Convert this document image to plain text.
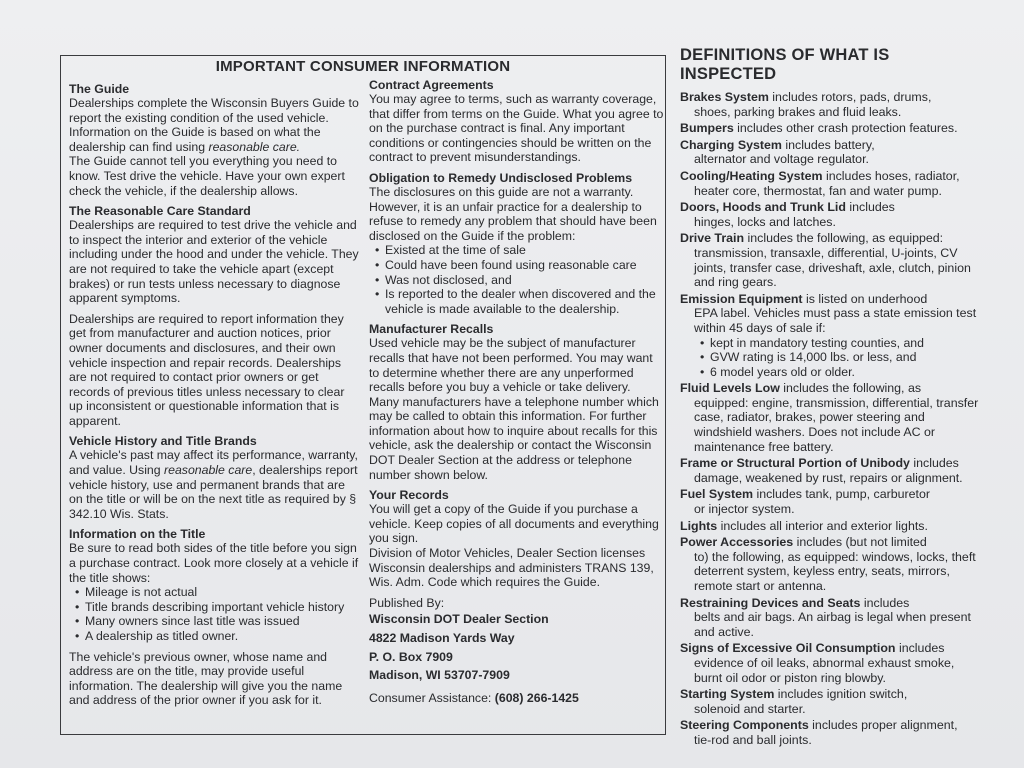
IMPORTANT CONSUMER INFORMATION
The Guide

Dealerships complete the Wisconsin Buyers Guide to report the existing condition of the used vehicle. Information on the Guide is based on what the dealership can find using reasonable care.

The Guide cannot tell you everything you need to know. Test drive the vehicle. Have your own expert check the vehicle, if the dealership allows.

The Reasonable Care Standard

Dealerships are required to test drive the vehicle and to inspect the interior and exterior of the vehicle including under the hood and under the vehicle. They are not required to take the vehicle apart (except brakes) or run tests unless necessary to diagnose apparent symptoms.

Dealerships are required to report information they get from manufacturer and auction notices, prior owner documents and disclosures, and their own vehicle inspection and repair records. Dealerships are not required to contact prior owners or get records of previous titles unless necessary to clear up inconsistent or questionable information that is apparent.

Vehicle History and Title Brands

A vehicle's past may affect its performance, warranty, and value. Using reasonable care, dealerships report vehicle history, use and permanent brands that are on the title or will be on the next title as required by § 342.10 Wis. Stats.

Information on the Title

Be sure to read both sides of the title before you sign a purchase contract. Look more closely at a vehicle if the title shows:

• Mileage is not actual
• Title brands describing important vehicle history
• Many owners since last title was issued
• A dealership as titled owner.

The vehicle's previous owner, whose name and address are on the title, may provide useful information. The dealership will give you the name and address of the prior owner if you ask for it.

Contract Agreements

You may agree to terms, such as warranty coverage, that differ from terms on the Guide. What you agree to on the purchase contract is final. Any important conditions or contingencies should be written on the contract to prevent misunderstandings.

Obligation to Remedy Undisclosed Problems

The disclosures on this guide are not a warranty. However, it is an unfair practice for a dealership to refuse to remedy any problem that should have been disclosed on the Guide if the problem:

• Existed at the time of sale
• Could have been found using reasonable care
• Was not disclosed, and
• Is reported to the dealer when discovered and the vehicle is made available to the dealership.
Manufacturer Recalls

Used vehicle may be the subject of manufacturer recalls that have not been performed. You may want to determine whether there are any unperformed recalls before you buy a vehicle or take delivery. Many manufacturers have a telephone number which may be called to obtain this information. For further information about how to inquire about recalls for this vehicle, ask the dealership or contact the Wisconsin DOT Dealer Section at the address or telephone number shown below.

Your Records

You will get a copy of the Guide if you purchase a vehicle. Keep copies of all documents and everything you sign.

Division of Motor Vehicles, Dealer Section licenses Wisconsin dealerships and administers TRANS 139, Wis. Adm. Code which requires the Guide.

Published By:

Wisconsin DOT Dealer Section

4822 Madison Yards Way

P. O. Box 7909

Madison, WI 53707-7909

Consumer Assistance: (608) 266-1425

DEFINITIONS OF WHAT IS INSPECTED
Brakes System includes rotors, pads, drums,
shoes, parking brakes and fluid leaks.
Bumpers includes other crash protection features.
Charging System includes battery,
alternator and voltage regulator.
Cooling/Heating System includes hoses, radiator,
heater core, thermostat, fan and water pump.
Doors, Hoods and Trunk Lid includes
hinges, locks and latches.
Drive Train includes the following, as equipped:
transmission, transaxle, differential, U-joints, CV joints, transfer case, driveshaft, axle, clutch, pinion and ring gears.
Emission Equipment is listed on underhood
EPA label. Vehicles must pass a state emission test within 45 days of sale if:
• kept in mandatory testing counties, and
• GVW rating is 14,000 lbs. or less, and
• 6 model years old or older.
Fluid Levels Low includes the following, as
equipped: engine, transmission, differential, transfer case, radiator, brakes, power steering and windshield washers. Does not include AC or maintenance free battery.
Frame or Structural Portion of Unibody includes
damage, weakened by rust, repairs or alignment.
Fuel System includes tank, pump, carburetor
or injector system.
Lights includes all interior and exterior lights.
Power Accessories includes (but not limited
to) the following, as equipped: windows, locks, theft deterrent system, keyless entry, seats, mirrors, remote start or antenna.
Restraining Devices and Seats includes
belts and air bags. An airbag is legal when present and active.
Signs of Excessive Oil Consumption includes
evidence of oil leaks, abnormal exhaust smoke, burnt oil odor or piston ring blowby.
Starting System includes ignition switch,
solenoid and starter.
Steering Components includes proper alignment,
tie-rod and ball joints.
